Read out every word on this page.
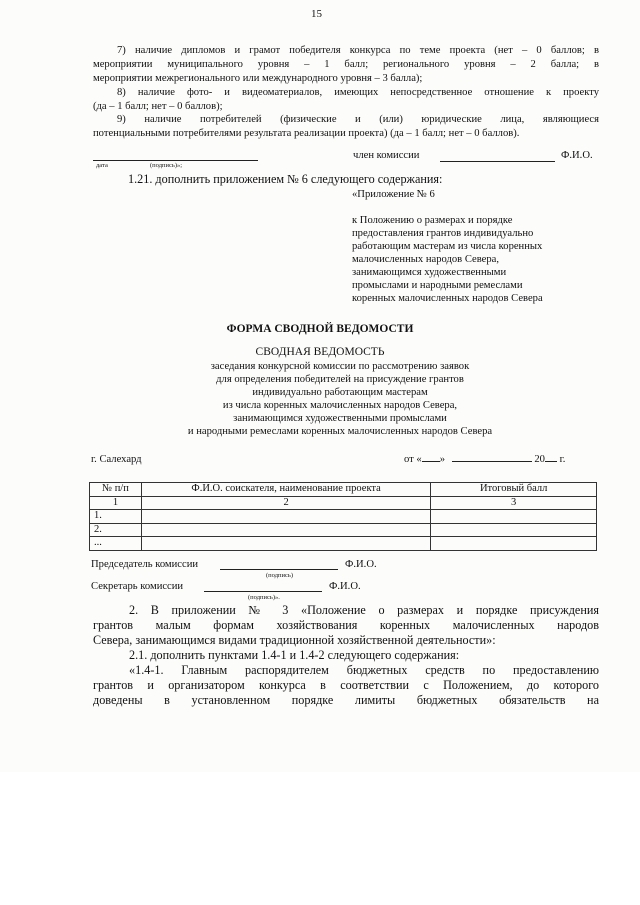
15
7) наличие дипломов и грамот победителя конкурса по теме проекта (нет – 0 баллов; в
мероприятии муниципального уровня – 1 балл; регионального уровня – 2 балла; в
мероприятии межрегионального или международного уровня – 3 балла);
8) наличие фото- и видеоматериалов, имеющих непосредственное отношение к проекту
(да – 1 балл; нет – 0 баллов);
9) наличие потребителей (физические и (или) юридические лица, являющиеся
потенциальными потребителями результата реализации проекта) (да – 1 балл; нет – 0 баллов).
дата	(подпись)»;
член комиссии	Ф.И.О.
1.21. дополнить приложением № 6 следующего содержания:
«Приложение № 6
к Положению о размерах и порядке
предоставления грантов индивидуально
работающим мастерам из числа коренных
малочисленных народов Севера,
занимающимся художественными
промыслами и народными ремеслами
коренных малочисленных народов Севера
ФОРМА СВОДНОЙ ВЕДОМОСТИ
СВОДНАЯ ВЕДОМОСТЬ
заседания конкурсной комиссии по рассмотрению заявок
для определения победителей на присуждение грантов
индивидуально работающим мастерам
из числа коренных малочисленных народов Севера,
занимающимся художественными промыслами
и народными ремеслами коренных малочисленных народов Севера
г. Салехард	от « »	20 г.
№ п/п	Ф.И.О. соискателя, наименование проекта	Итоговый балл
1	2	3
1.		
2.		
...		
Председатель комиссии	Ф.И.О.
(подпись)
Секретарь комиссии	Ф.И.О.
(подпись)».
2. В приложении № 3 «Положение о размерах и порядке присуждения
грантов малым формам хозяйствования коренных малочисленных народов
Севера, занимающимся видами традиционной хозяйственной деятельности»:
2.1. дополнить пунктами 1.4-1 и 1.4-2 следующего содержания:
«1.4-1. Главным распорядителем бюджетных средств по предоставлению
грантов и организатором конкурса в соответствии с Положением, до которого
доведены в установленном порядке лимиты бюджетных обязательств на
